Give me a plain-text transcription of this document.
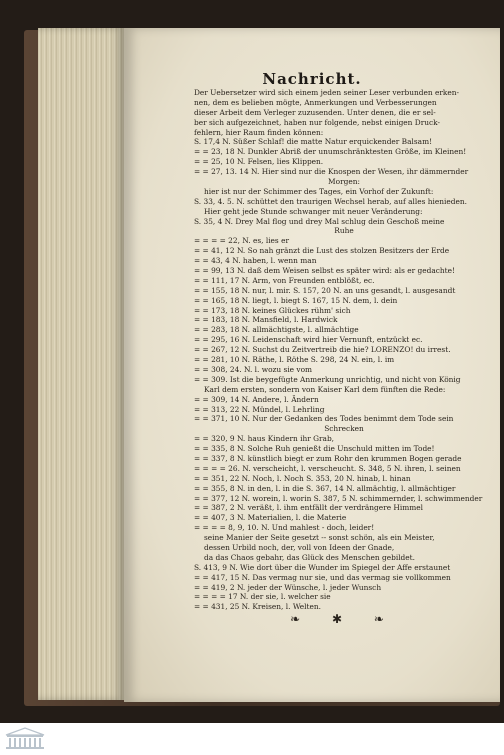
Nachricht.
Der Uebersetzer wird sich einem jeden seiner Leser verbunden erken-
nen, dem es belieben mögte, Anmerkungen und Verbesserungen
dieser Arbeit dem Verleger zuzusenden. Unter denen, die er sel-
ber sich aufgezeichnet, haben nur folgende, nebst einigen Druck-
fehlern, hier Raum finden können:
S. 17,4 N. Süßer Schlaf! die matte Natur erquickender Balsam!
= = 23, 18 N. Dunkler Abriß der unumschränktesten Größe, im Kleinen!
= = 25, 10 N. Felsen, lies Klippen.
= = 27, 13. 14 N. Hier sind nur die Knospen der Wesen, ihr dämmernder
Morgen:
hier ist nur der Schimmer des Tages, ein Vorhof der Zukunft:
S. 33, 4. 5. N. schüttet den traurigen Wechsel herab, auf alles hienieden.
Hier geht jede Stunde schwanger mit neuer Veränderung:
S. 35, 4 N. Drey Mal flog und drey Mal schlug dein Geschoß meine
Ruhe
= = = = 22, N. es, lies er
= = 41, 12 N. So nah gränzt die Lust des stolzen Besitzers der Erde
= = 43, 4 N. haben, l. wenn man
= = 99, 13 N. daß dem Weisen selbst es später wird: als er gedachte!
= = 111, 17 N. Arm, von Freunden entblößt, ec.
= = 155, 18 N. nur, l. mir. S. 157, 20 N. an uns gesandt, l. ausgesandt
= = 165, 18 N. liegt, l. biegt S. 167, 15 N. dem, l. dein
= = 173, 18 N. keines Glückes rühm' sich
= = 183, 18 N. Mansfield, l. Hardwick
= = 283, 18 N. allmächtigste, l. allmächtige
= = 295, 16 N. Leidenschaft wird hier Vernunft, entzückt ec.
= = 267, 12 N. Suchst du Zeitvertreib die hie? LORENZO! du irrest.
= = 281, 10 N. Räthe, l. Röthe S. 298, 24 N. ein, l. im
= = 308, 24. N. l. wozu sie vom
= = 309. Ist die beygefügte Anmerkung unrichtig, und nicht von König
Karl dem ersten, sondern von Kaiser Karl dem fünften die Rede:
= = 309, 14 N. Andere, l. Ändern
= = 313, 22 N. Mündel, l. Lehrling
= = 371, 10 N. Nur der Gedanken des Todes benimmt dem Tode sein
Schrecken
= = 320, 9 N. haus Kindern ihr Grab,
= = 335, 8 N. Solche Ruh genießt die Unschuld mitten im Tode!
= = 337, 8 N. künstlich biegt er zum Rohr den krummen Bogen gerade
= = = = 26. N. verscheicht, l. verscheucht. S. 348, 5 N. ihren, l. seinen
= = 351, 22 N. Noch, l. Noch S. 353, 20 N. hinab, l. hinan
= = 355, 8 N. in den, l. in die S. 367, 14 N. allmächtig, l. allmächtiger
= = 377, 12 N. worein, l. worin S. 387, 5 N. schimmernder, l. schwimmender
= = 387, 2 N. veräßt, l. ihm entfällt der verdrängere Himmel
= = 407, 3 N. Materialien, l. die Materie
= = = = 8, 9, 10. N. Und mahlest - doch, leider!
seine Manier der Seite gesetzt -- sonst schön, als ein Meister,
dessen Urbild noch, der, voll von Ideen der Gnade,
da das Chaos gebahr, das Glück des Menschen gebildet.
S. 413, 9 N. Wie dort über die Wunder im Spiegel der Affe erstaunet
= = 417, 15 N. Das vermag nur sie, und das vermag sie vollkommen
= = 419, 2 N. jeder der Wünsche, l. jeder Wunsch
= = = = 17 N. der sie, l. welcher sie
= = 431, 25 N. Kreisen, l. Welten.
❧ ✱ ❧
